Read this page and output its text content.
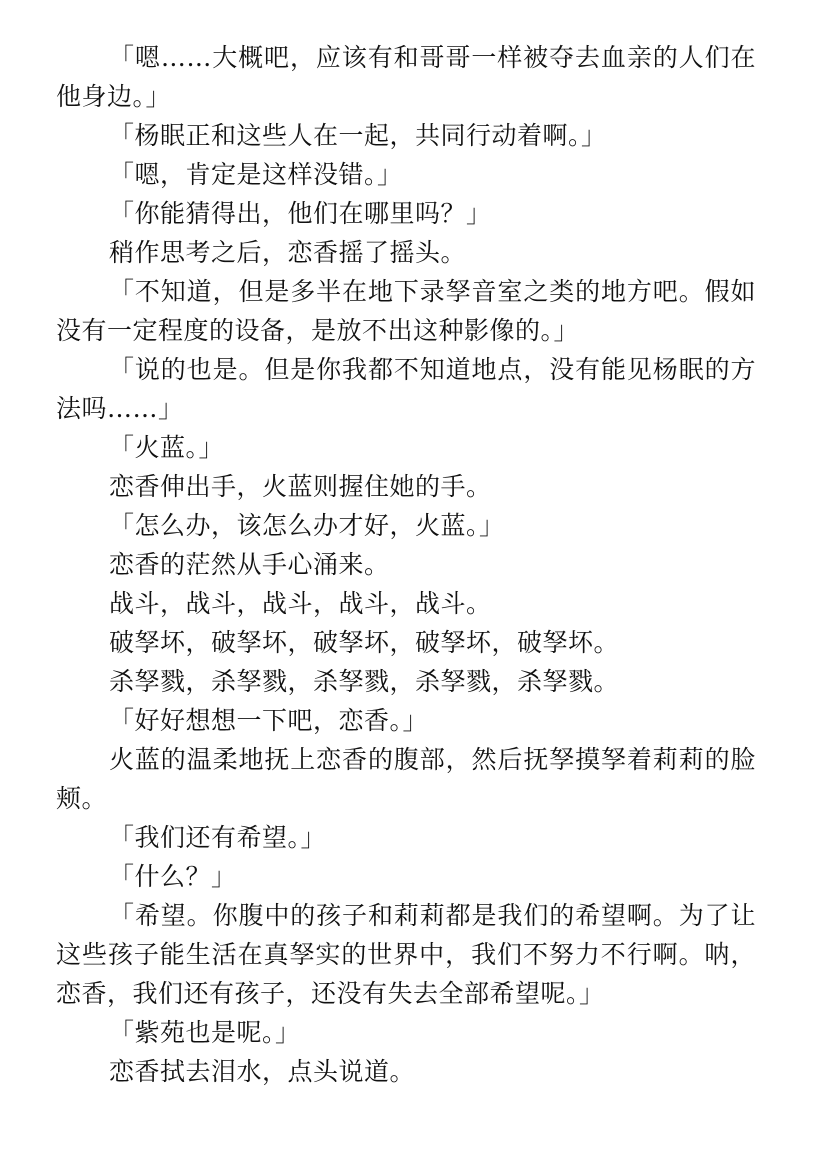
「嗯……大概吧，应该有和哥哥一样被夺去血亲的人们在他身边。」

「杨眠正和这些人在一起，共同行动着啊。」

「嗯，肯定是这样没错。」

「你能猜得出，他们在哪里吗？」

稍作思考之后，恋香摇了摇头。

「不知道，但是多半在地下录孥音室之类的地方吧。假如没有一定程度的设备，是放不出这种影像的。」

「说的也是。但是你我都不知道地点，没有能见杨眠的方法吗……」

「火蓝。」

恋香伸出手，火蓝则握住她的手。

「怎么办，该怎么办才好，火蓝。」

恋香的茫然从手心涌来。

战斗，战斗，战斗，战斗，战斗。

破孥坏，破孥坏，破孥坏，破孥坏，破孥坏。

杀孥戮，杀孥戮，杀孥戮，杀孥戮，杀孥戮。

「好好想想一下吧，恋香。」

火蓝的温柔地抚上恋香的腹部，然后抚孥摸孥着莉莉的脸颊。

「我们还有希望。」

「什么？」

「希望。你腹中的孩子和莉莉都是我们的希望啊。为了让这些孩子能生活在真孥实的世界中，我们不努力不行啊。呐，恋香，我们还有孩子，还没有失去全部希望呢。」

「紫苑也是呢。」

恋香拭去泪水，点头说道。
